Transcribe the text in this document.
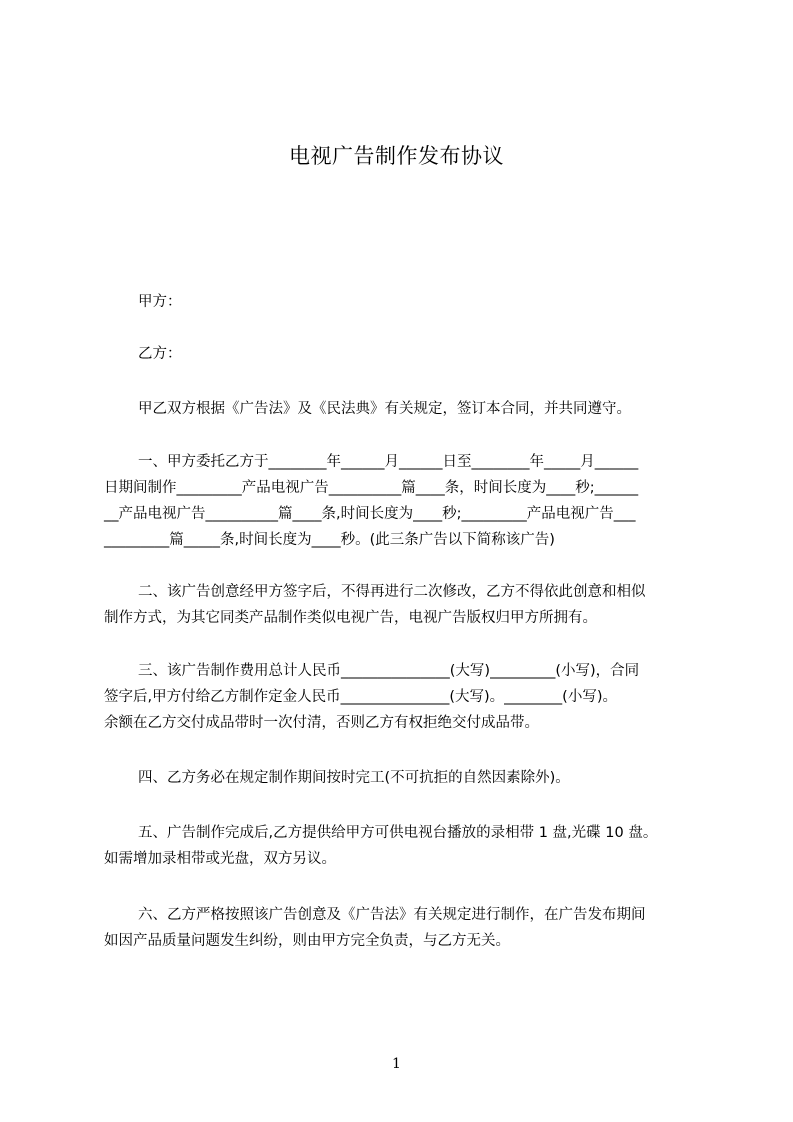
电视广告制作发布协议
甲方：
乙方：
甲乙双方根据《广告法》及《民法典》有关规定，签订本合同，并共同遵守。
一、甲方委托乙方于________年______月______日至________年_____月______
日期间制作_________产品电视广告__________篇____条，时间长度为____秒;______
__产品电视广告__________篇____条,时间长度为____秒;_________产品电视广告___
_________篇_____条,时间长度为____秒。(此三条广告以下简称该广告)
二、该广告创意经甲方签字后，不得再进行二次修改，乙方不得依此创意和相似
制作方式，为其它同类产品制作类似电视广告，电视广告版权归甲方所拥有。
三、该广告制作费用总计人民币_______________(大写)_________(小写)，合同
签字后,甲方付给乙方制作定金人民币_______________(大写)。________(小写)。
余额在乙方交付成品带时一次付清，否则乙方有权拒绝交付成品带。
四、乙方务必在规定制作期间按时完工(不可抗拒的自然因素除外)。
五、广告制作完成后,乙方提供给甲方可供电视台播放的录相带 1 盘,光碟 10 盘。
如需增加录相带或光盘，双方另议。
六、乙方严格按照该广告创意及《广告法》有关规定进行制作，在广告发布期间
如因产品质量问题发生纠纷，则由甲方完全负责，与乙方无关。
1
